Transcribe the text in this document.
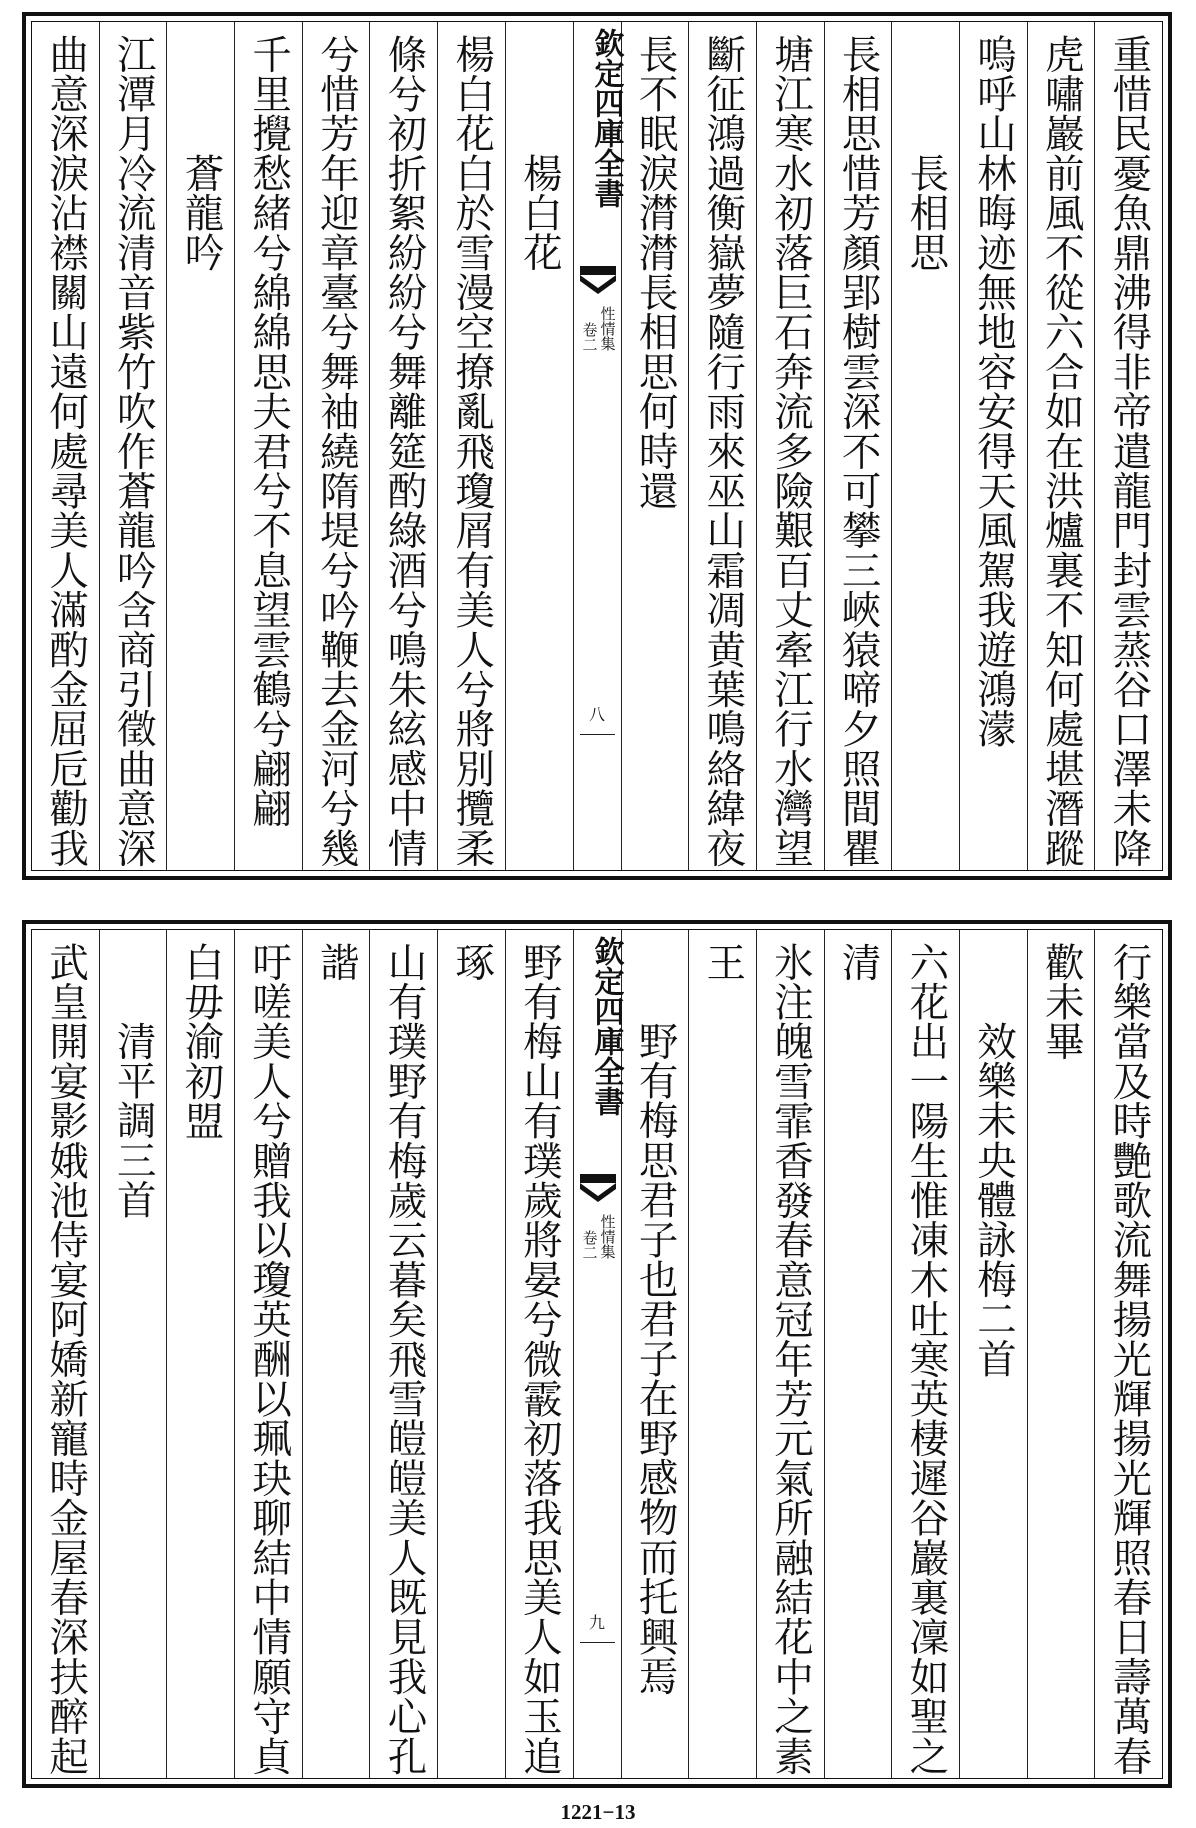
重惜民憂魚鼎沸得非帝遣龍門封雲蒸谷口澤未降
虎嘯巖前風不從六合如在洪爐裏不知何處堪潛蹤
嗚呼山林晦迹無地容安得天風駕我遊鴻濛
長相思
長相思惜芳顏郢樹雲深不可攀三峽猿啼夕照間瞿
塘江寒水初落巨石奔流多險艱百丈牽江行水灣望
斷征鴻過衡嶽夢隨行雨來巫山霜凋黄葉鳴絡緯夜
長不眠淚潸潸長相思何時還
欽定四庫全書
性情集
卷二
八
楊白花
楊白花白於雪漫空撩亂飛瓊屑有美人兮將別攬柔
條兮初折絮紛紛兮舞離筵酌綠酒兮鳴朱絃感中情
兮惜芳年迎章臺兮舞袖繞隋堤兮吟鞭去金河兮幾
千里攪愁緒兮綿綿思夫君兮不息望雲鶴兮翩翩
蒼龍吟
江潭月冷流清音紫竹吹作蒼龍吟含商引徵曲意深
曲意深淚沾襟關山遠何處尋美人滿酌金屈卮勸我
行樂當及時艷歌流舞揚光輝揚光輝照春日壽萬春
歡未畢
效樂未央體詠梅二首
六花出一陽生惟凍木吐寒英棲遲谷巖裏凜如聖之
清
氷注魄雪霏香發春意冠年芳元氣所融結花中之素
王
野有梅思君子也君子在野感物而托興焉
欽定四庫全書
性情集
卷二
九
野有梅山有璞歲將晏兮微霰初落我思美人如玉追
琢
山有璞野有梅歲云暮矣飛雪皚皚美人既見我心孔
諧
吁嗟美人兮贈我以瓊英酬以珮玦聊結中情願守貞
白毋渝初盟
清平調三首
武皇開宴影娥池侍宴阿嬌新寵時金屋春深扶醉起
1221−13
